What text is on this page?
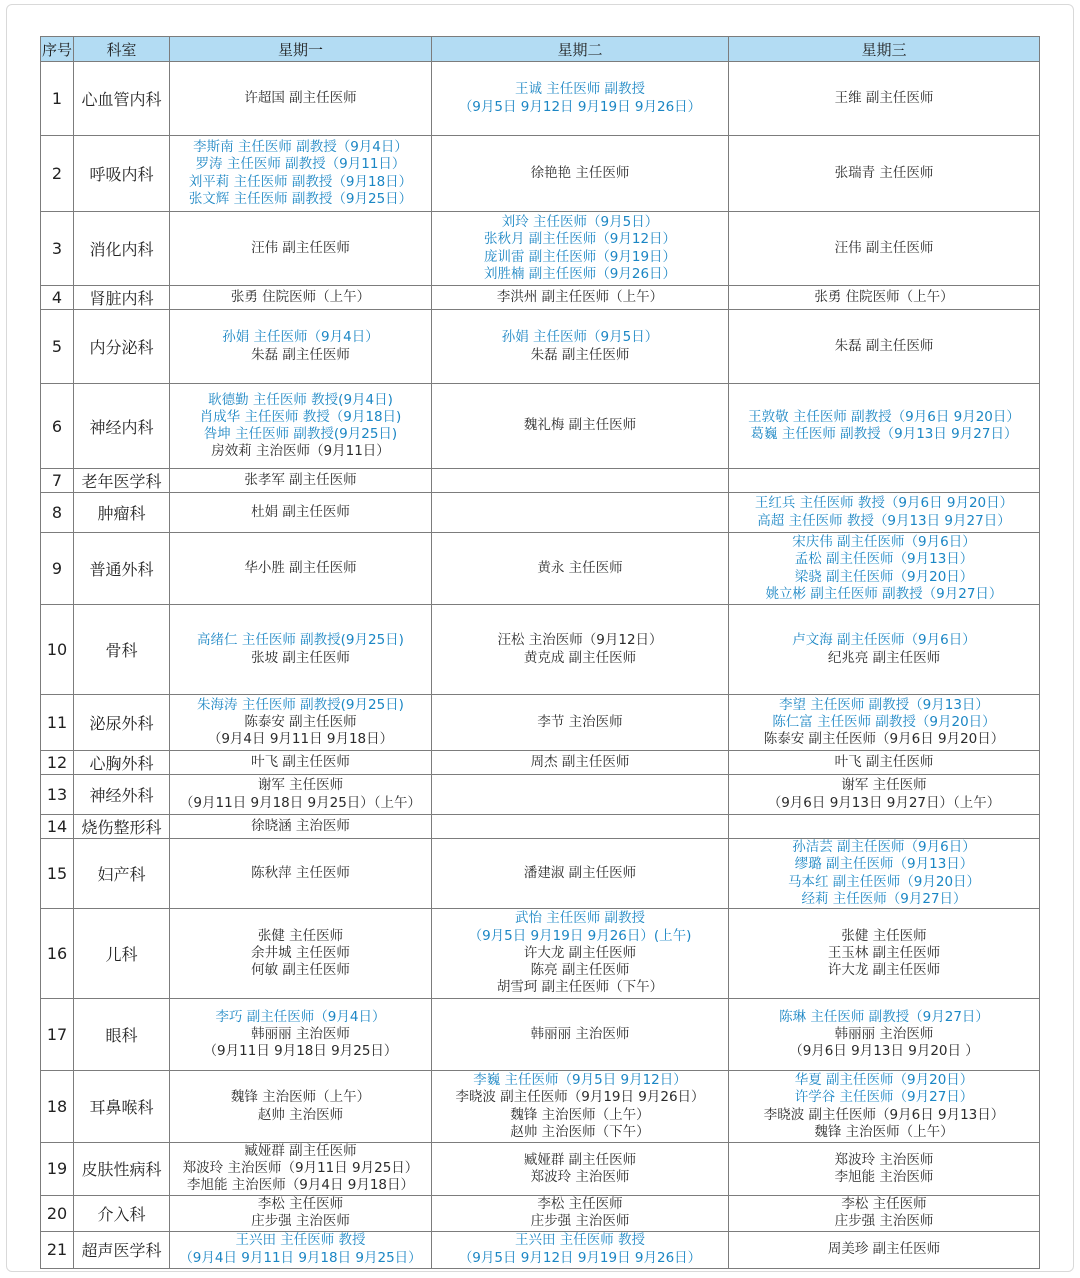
序号	科室	星期一	星期二	星期三
1	心血管内科	许超国 副主任医师	王诚 主任医师 副教授
（9月5日 9月12日 9月19日 9月26日）	王维 副主任医师

2	呼吸内科	李斯南 主任医师 副教授（9月4日）
罗涛 主任医师 副教授（9月11日）
刘平莉 主任医师 副教授（9月18日）
张文辉 主任医师 副教授（9月25日）	徐艳艳 主任医师	张瑞青 主任医师

3	消化内科	汪伟 副主任医师	刘玲 主任医师（9月5日）
张秋月 副主任医师（9月12日）
庞训雷 副主任医师（9月19日）
刘胜楠 副主任医师（9月26日）	汪伟 副主任医师

4	肾脏内科	张勇 住院医师（上午）	李洪州 副主任医师（上午）	张勇 住院医师（上午）

5	内分泌科	孙娟 主任医师（9月4日）
朱磊 副主任医师	孙娟 主任医师（9月5日）
朱磊 副主任医师	朱磊 副主任医师

6	神经内科	耿德勤 主任医师 教授(9月4日)
肖成华 主任医师 教授（9月18日)
咎坤 主任医师 副教授(9月25日)
房效莉 主治医师（9月11日）	魏礼梅 副主任医师	王敦敬 主任医师 副教授（9月6日 9月20日）
葛巍 主任医师 副教授（9月13日 9月27日）

7	老年医学科	张孝军 副主任医师		

8	肿瘤科	杜娟 副主任医师		王红兵 主任医师 教授（9月6日 9月20日）
高超 主任医师 教授（9月13日 9月27日）

9	普通外科	华小胜 副主任医师	黄永 主任医师	宋庆伟 副主任医师（9月6日）
孟松 副主任医师（9月13日）
梁骁 副主任医师（9月20日）
姚立彬 副主任医师 副教授（9月27日）

10	骨科	高绪仁 主任医师 副教授(9月25日)
张坡 副主任医师	汪松 主治医师（9月12日）
黄克成 副主任医师	卢文海 副主任医师（9月6日）
纪兆亮 副主任医师

11	泌尿外科	朱海涛 主任医师 副教授(9月25日)
陈泰安 副主任医师
（9月4日 9月11日 9月18日）	李节 主治医师	李望 主任医师 副教授（9月13日）
陈仁富 主任医师 副教授（9月20日）
陈泰安 副主任医师（9月6日 9月20日）

12	心胸外科	叶飞 副主任医师	周杰 副主任医师	叶飞 副主任医师

13	神经外科	谢军 主任医师
（9月11日 9月18日 9月25日）（上午）		谢军 主任医师
（9月6日 9月13日 9月27日）（上午）

14	烧伤整形科	徐晓涵 主治医师		

15	妇产科	陈秋萍 主任医师	潘建淑 副主任医师	孙洁芸 副主任医师（9月6日）
缪璐 副主任医师（9月13日）
马本红 副主任医师（9月20日）
经莉 主任医师（9月27日）

16	儿科	张健 主任医师
余井城 主任医师
何敏 副主任医师	武怡 主任医师 副教授
（9月5日 9月19日 9月26日）(上午)
许大龙 副主任医师
陈亮 副主任医师
胡雪珂 副主任医师（下午）	张健 主任医师
王玉林 副主任医师
许大龙 副主任医师

17	眼科	李巧 副主任医师（9月4日）
韩丽丽 主治医师
（9月11日 9月18日 9月25日）	韩丽丽 主治医师	陈琳 主任医师 副教授（9月27日）
韩丽丽 主治医师
（9月6日 9月13日 9月20日 ）

18	耳鼻喉科	魏锋 主治医师（上午）
赵帅 主治医师	李巍 主任医师（9月5日 9月12日）
李晓波 副主任医师（9月19日 9月26日）
魏锋 主治医师（上午）
赵帅 主治医师（下午）	华夏 副主任医师（9月20日）
许学谷 主任医师（9月27日）
李晓波 副主任医师（9月6日 9月13日）
魏锋 主治医师（上午）

19	皮肤性病科	臧娅群 副主任医师
郑波玲 主治医师（9月11日 9月25日）
李旭能 主治医师（9月4日 9月18日）	臧娅群 副主任医师
郑波玲 主治医师	郑波玲 主治医师
李旭能 主治医师

20	介入科	李松 主任医师
庄步强 主治医师	李松 主任医师
庄步强 主治医师	李松 主任医师
庄步强 主治医师

21	超声医学科	王兴田 主任医师 教授
（9月4日 9月11日 9月18日 9月25日）	王兴田 主任医师 教授
（9月5日 9月12日 9月19日 9月26日）	周美珍 副主任医师
